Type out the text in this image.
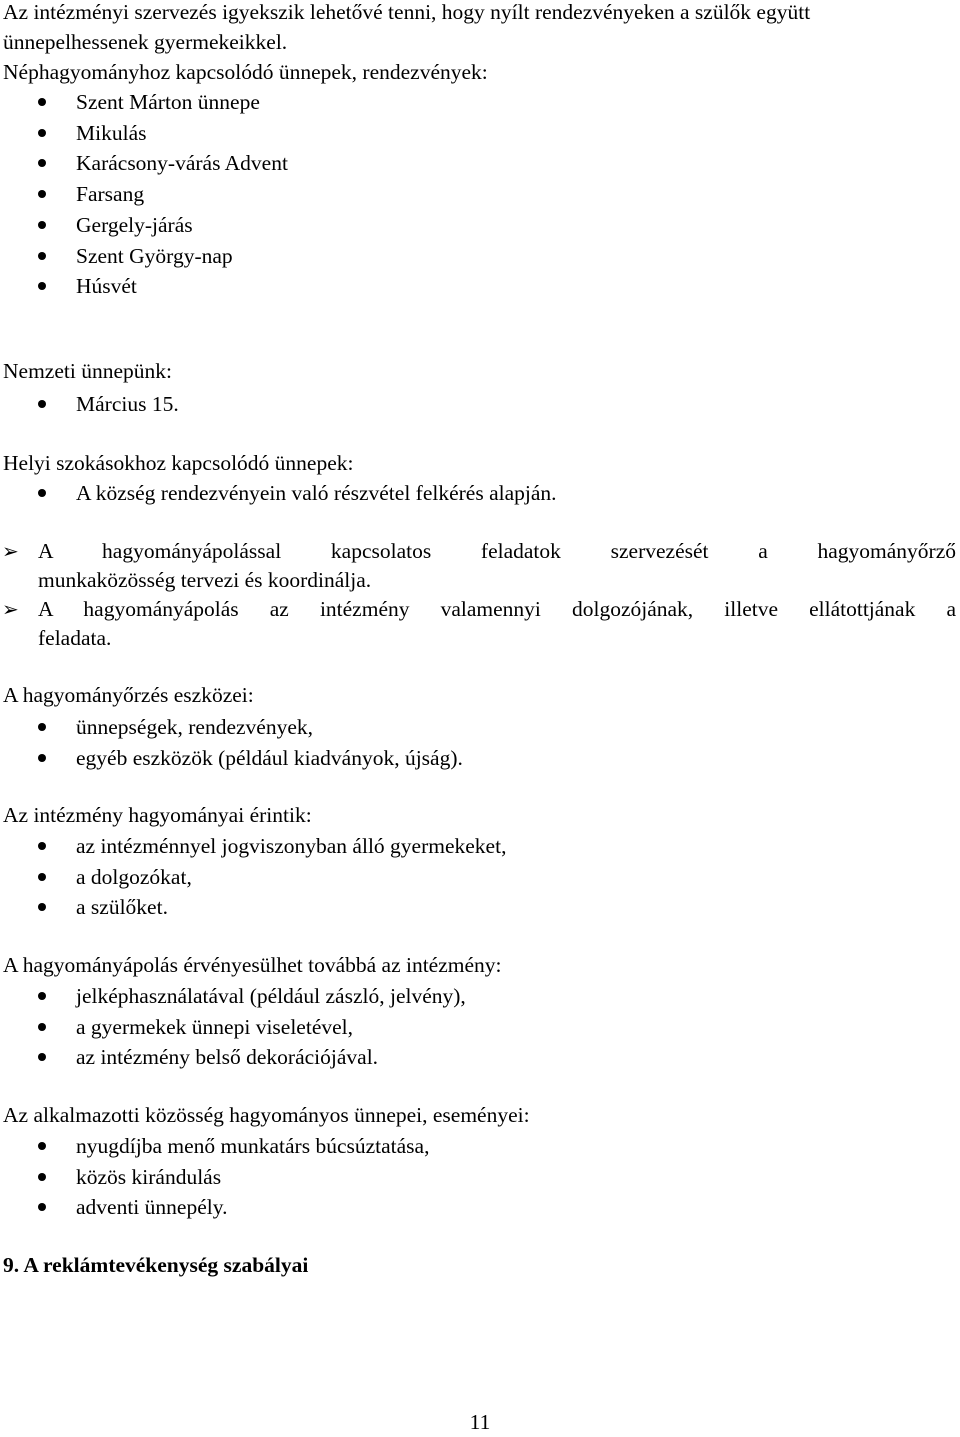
Az intézményi szervezés igyekszik lehetővé tenni, hogy nyílt rendezvényeken a szülők együtt
ünnepelhessenek gyermekeikkel.
Néphagyományhoz kapcsolódó ünnepek, rendezvények:
Szent Márton ünnepe
Mikulás
Karácsony-várás Advent
Farsang
Gergely-járás
Szent György-nap
Húsvét
Nemzeti ünnepünk:
Március 15.
Helyi szokásokhoz kapcsolódó ünnepek:
A község rendezvényein való részvétel felkérés alapján.
➢ A hagyományápolással kapcsolatos feladatok szervezését a hagyományőrző
munkaközösség tervezi és koordinálja.
➢ A hagyományápolás az intézmény valamennyi dolgozójának, illetve ellátottjának a
feladata.
A hagyományőrzés eszközei:
ünnepségek, rendezvények,
egyéb eszközök (például kiadványok, újság).
Az intézmény hagyományai érintik:
az intézménnyel jogviszonyban álló gyermekeket,
a dolgozókat,
a szülőket.
A hagyományápolás érvényesülhet továbbá az intézmény:
jelképhasználatával (például zászló, jelvény),
a gyermekek ünnepi viseletével,
az intézmény belső dekorációjával.
Az alkalmazotti közösség hagyományos ünnepei, eseményei:
nyugdíjba menő munkatárs búcsúztatása,
közös kirándulás
adventi ünnepély.
9. A reklámtevékenység szabályai
11
